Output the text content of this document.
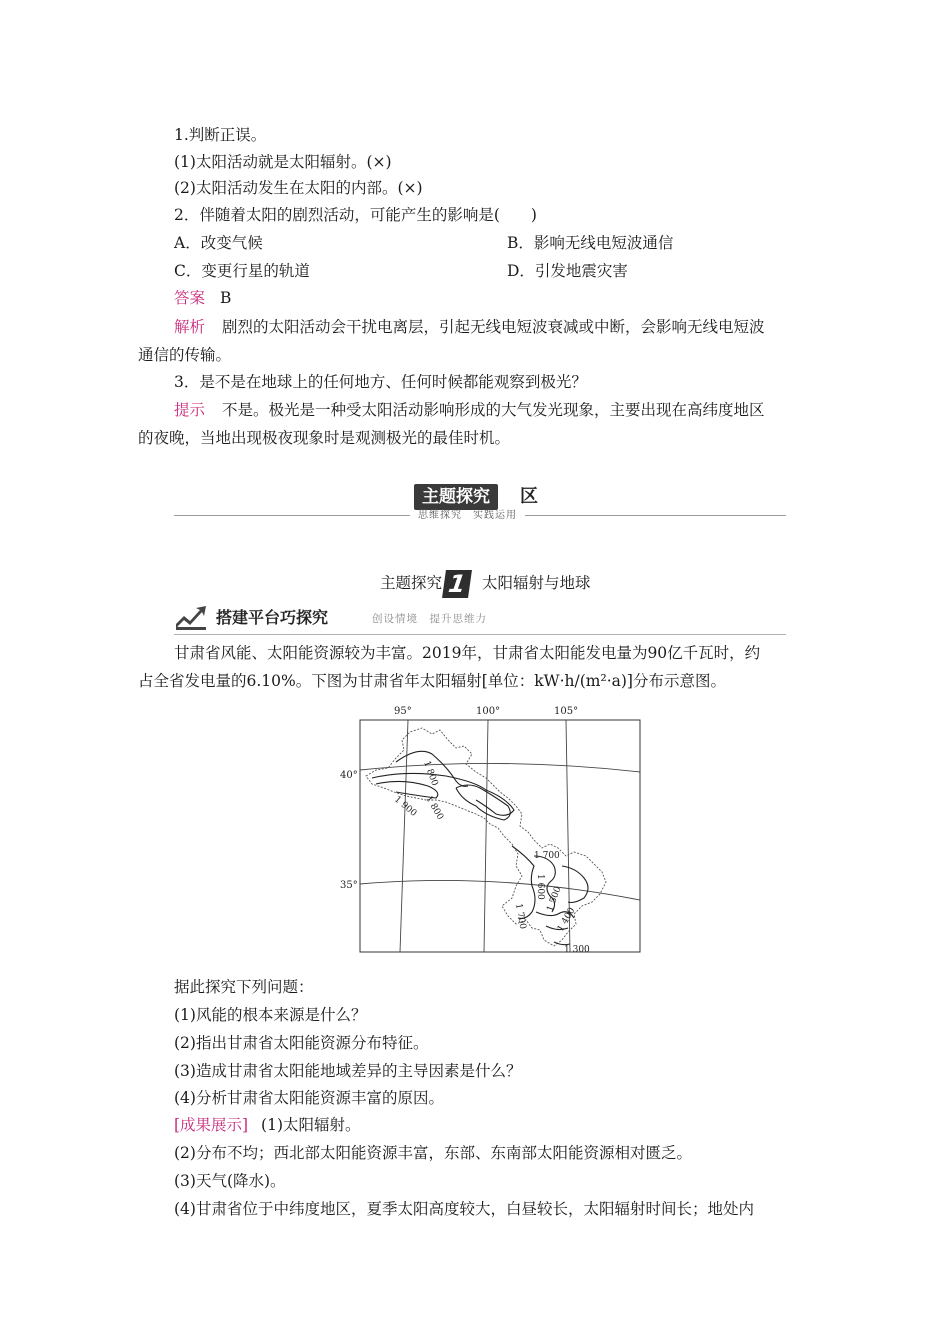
1.判断正误。
(1)太阳活动就是太阳辐射。(×)
(2)太阳活动发生在太阳的内部。(×)
2．伴随着太阳的剧烈活动，可能产生的影响是(　　)
A．改变气候	B．影响无线电短波通信
C．变更行星的轨道	D．引发地震灾害
答案 B
解析 剧烈的太阳活动会干扰电离层，引起无线电短波衰减或中断，会影响无线电短波
通信的传输。
3．是不是在地球上的任何地方、任何时候都能观察到极光？
提示 不是。极光是一种受太阳活动影响形成的大气发光现象，主要出现在高纬度地区
的夜晚，当地出现极夜现象时是观测极光的最佳时机。
主题探究	区
思维探究　实践运用
主题探究 1 太阳辐射与地球
搭建平台巧探究	创设情境　提升思维力
甘肃省风能、太阳能资源较为丰富。2019年，甘肃省太阳能发电量为90亿千瓦时，约
占全省发电量的6.10%。下图为甘肃省年太阳辐射[单位：kW·h/(m²·a)]分布示意图。
95°	100°	105°
40°
35°
1 800
1 800
1 900
1 700
1 600
1 700
1 500
1 400
1 300
据此探究下列问题：
(1)风能的根本来源是什么？
(2)指出甘肃省太阳能资源分布特征。
(3)造成甘肃省太阳能地域差异的主导因素是什么？
(4)分析甘肃省太阳能资源丰富的原因。
[成果展示] (1)太阳辐射。
(2)分布不均；西北部太阳能资源丰富，东部、东南部太阳能资源相对匮乏。
(3)天气(降水)。
(4)甘肃省位于中纬度地区，夏季太阳高度较大，白昼较长，太阳辐射时间长；地处内
